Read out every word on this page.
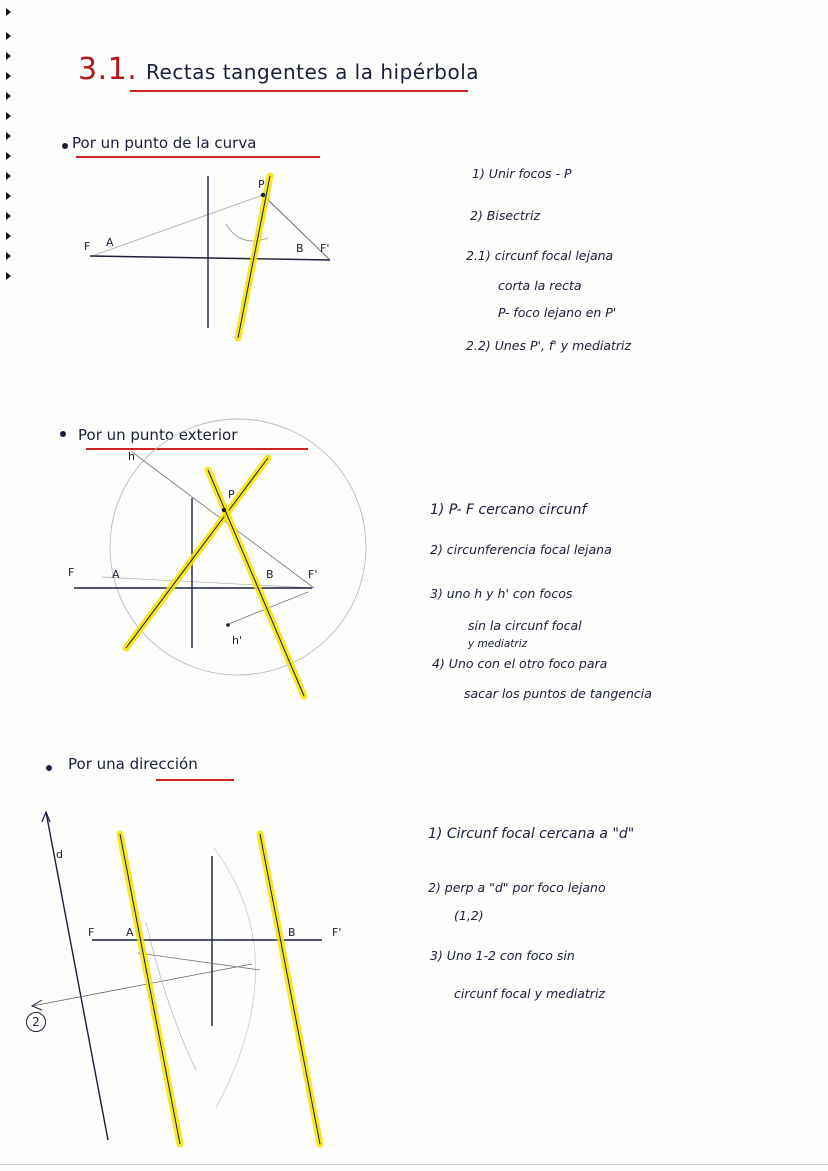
3.1. Rectas tangentes a la hipérbola
Por un punto de la curva
F A	B F'
P
1) Unir focos - P
2) Bisectriz
2.1) circunf focal lejana
corta la recta
P- foco lejano en P'
2.2) Unes P', f' y mediatriz
Por un punto exterior
F	A	B	F'
P
h
h'
1) P- F cercano circunf
2) circunferencia focal lejana
3) uno h y h' con focos
sin la circunf focal
y mediatriz
4) Uno con el otro foco para
sacar los puntos de tangencia
Por una dirección
d
F	A	B	F'
2
1) Circunf focal cercana a "d"
2) perp a "d" por foco lejano
(1,2)
3) Uno 1-2 con foco sin
circunf focal y mediatriz
